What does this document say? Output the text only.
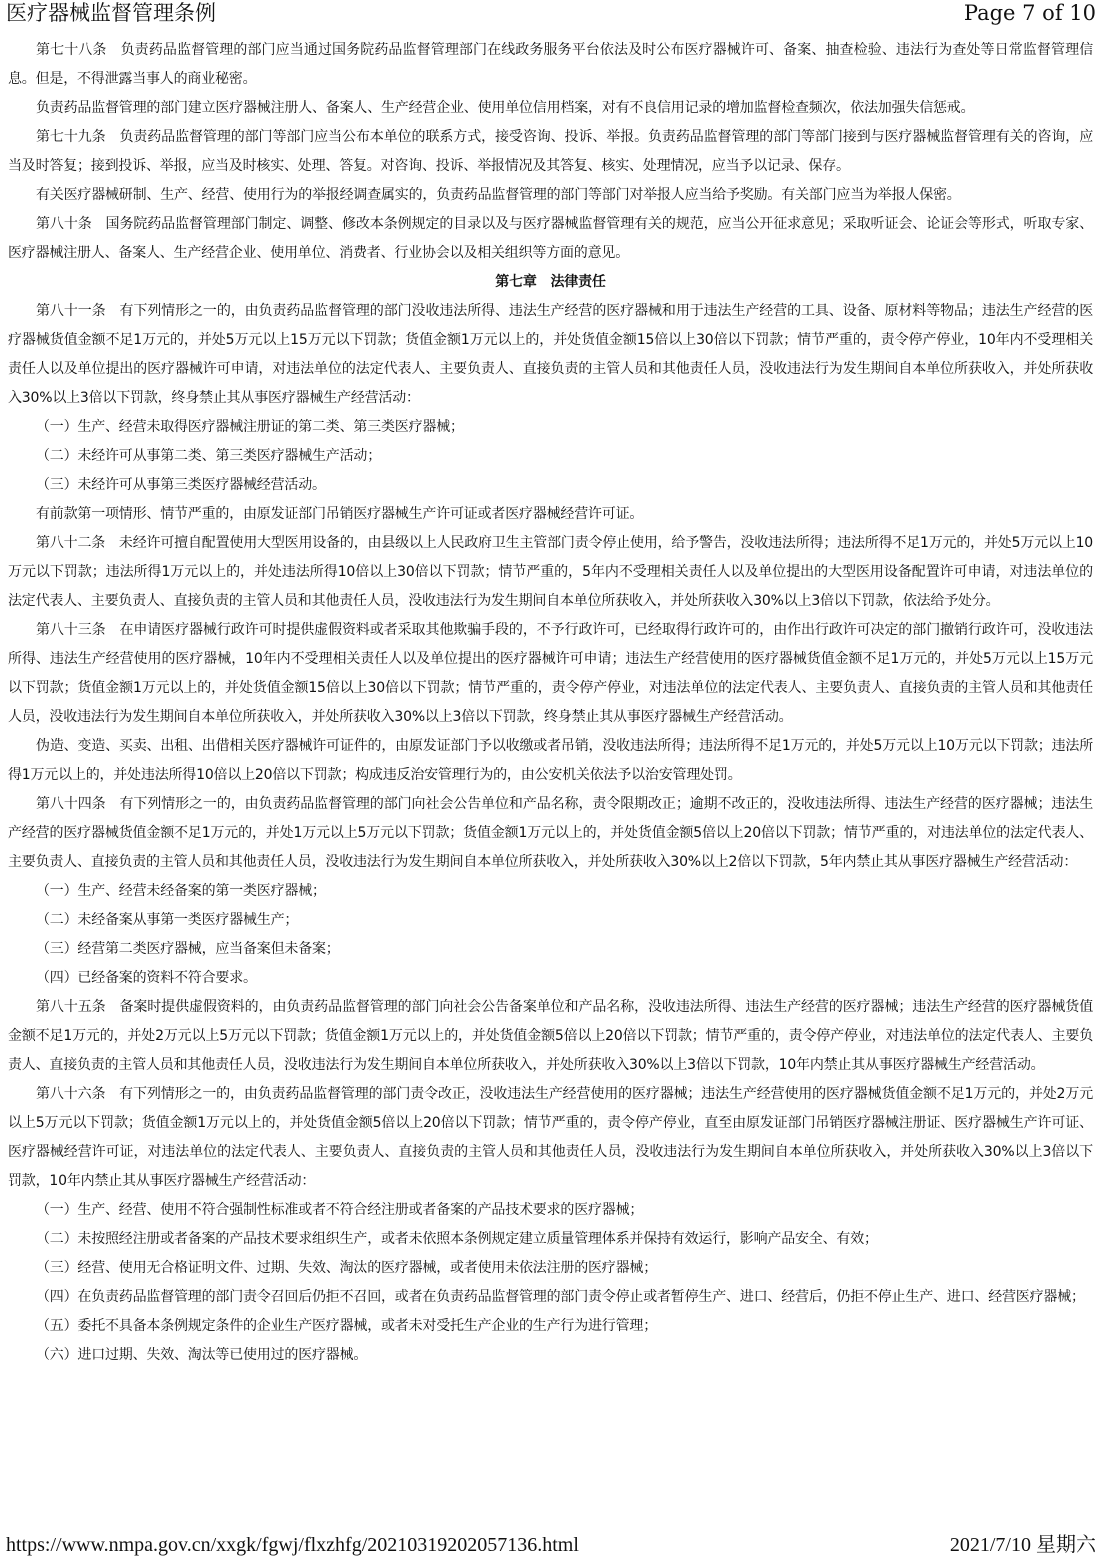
医疗器械监督管理条例	Page 7 of 10

第七十八条　负责药品监督管理的部门应当通过国务院药品监督管理部门在线政务服务平台依法及时公布医疗器械许可、备案、抽查检验、违法行为查处等日常监督管理信息。但是，不得泄露当事人的商业秘密。

负责药品监督管理的部门建立医疗器械注册人、备案人、生产经营企业、使用单位信用档案，对有不良信用记录的增加监督检查频次，依法加强失信惩戒。

第七十九条　负责药品监督管理的部门等部门应当公布本单位的联系方式，接受咨询、投诉、举报。负责药品监督管理的部门等部门接到与医疗器械监督管理有关的咨询，应当及时答复；接到投诉、举报，应当及时核实、处理、答复。对咨询、投诉、举报情况及其答复、核实、处理情况，应当予以记录、保存。

有关医疗器械研制、生产、经营、使用行为的举报经调查属实的，负责药品监督管理的部门等部门对举报人应当给予奖励。有关部门应当为举报人保密。

第八十条　国务院药品监督管理部门制定、调整、修改本条例规定的目录以及与医疗器械监督管理有关的规范，应当公开征求意见；采取听证会、论证会等形式，听取专家、医疗器械注册人、备案人、生产经营企业、使用单位、消费者、行业协会以及相关组织等方面的意见。

第七章　法律责任

第八十一条　有下列情形之一的，由负责药品监督管理的部门没收违法所得、违法生产经营的医疗器械和用于违法生产经营的工具、设备、原材料等物品；违法生产经营的医疗器械货值金额不足1万元的，并处5万元以上15万元以下罚款；货值金额1万元以上的，并处货值金额15倍以上30倍以下罚款；情节严重的，责令停产停业，10年内不受理相关责任人以及单位提出的医疗器械许可申请，对违法单位的法定代表人、主要负责人、直接负责的主管人员和其他责任人员，没收违法行为发生期间自本单位所获收入，并处所获收入30%以上3倍以下罚款，终身禁止其从事医疗器械生产经营活动：

（一）生产、经营未取得医疗器械注册证的第二类、第三类医疗器械；

（二）未经许可从事第二类、第三类医疗器械生产活动；

（三）未经许可从事第三类医疗器械经营活动。

有前款第一项情形、情节严重的，由原发证部门吊销医疗器械生产许可证或者医疗器械经营许可证。

第八十二条　未经许可擅自配置使用大型医用设备的，由县级以上人民政府卫生主管部门责令停止使用，给予警告，没收违法所得；违法所得不足1万元的，并处5万元以上10万元以下罚款；违法所得1万元以上的，并处违法所得10倍以上30倍以下罚款；情节严重的，5年内不受理相关责任人以及单位提出的大型医用设备配置许可申请，对违法单位的法定代表人、主要负责人、直接负责的主管人员和其他责任人员，没收违法行为发生期间自本单位所获收入，并处所获收入30%以上3倍以下罚款，依法给予处分。

第八十三条　在申请医疗器械行政许可时提供虚假资料或者采取其他欺骗手段的，不予行政许可，已经取得行政许可的，由作出行政许可决定的部门撤销行政许可，没收违法所得、违法生产经营使用的医疗器械，10年内不受理相关责任人以及单位提出的医疗器械许可申请；违法生产经营使用的医疗器械货值金额不足1万元的，并处5万元以上15万元以下罚款；货值金额1万元以上的，并处货值金额15倍以上30倍以下罚款；情节严重的，责令停产停业，对违法单位的法定代表人、主要负责人、直接负责的主管人员和其他责任人员，没收违法行为发生期间自本单位所获收入，并处所获收入30%以上3倍以下罚款，终身禁止其从事医疗器械生产经营活动。

伪造、变造、买卖、出租、出借相关医疗器械许可证件的，由原发证部门予以收缴或者吊销，没收违法所得；违法所得不足1万元的，并处5万元以上10万元以下罚款；违法所得1万元以上的，并处违法所得10倍以上20倍以下罚款；构成违反治安管理行为的，由公安机关依法予以治安管理处罚。

第八十四条　有下列情形之一的，由负责药品监督管理的部门向社会公告单位和产品名称，责令限期改正；逾期不改正的，没收违法所得、违法生产经营的医疗器械；违法生产经营的医疗器械货值金额不足1万元的，并处1万元以上5万元以下罚款；货值金额1万元以上的，并处货值金额5倍以上20倍以下罚款；情节严重的，对违法单位的法定代表人、主要负责人、直接负责的主管人员和其他责任人员，没收违法行为发生期间自本单位所获收入，并处所获收入30%以上2倍以下罚款，5年内禁止其从事医疗器械生产经营活动：

（一）生产、经营未经备案的第一类医疗器械；

（二）未经备案从事第一类医疗器械生产；

（三）经营第二类医疗器械，应当备案但未备案；

（四）已经备案的资料不符合要求。

第八十五条　备案时提供虚假资料的，由负责药品监督管理的部门向社会公告备案单位和产品名称，没收违法所得、违法生产经营的医疗器械；违法生产经营的医疗器械货值金额不足1万元的，并处2万元以上5万元以下罚款；货值金额1万元以上的，并处货值金额5倍以上20倍以下罚款；情节严重的，责令停产停业，对违法单位的法定代表人、主要负责人、直接负责的主管人员和其他责任人员，没收违法行为发生期间自本单位所获收入，并处所获收入30%以上3倍以下罚款，10年内禁止其从事医疗器械生产经营活动。

第八十六条　有下列情形之一的，由负责药品监督管理的部门责令改正，没收违法生产经营使用的医疗器械；违法生产经营使用的医疗器械货值金额不足1万元的，并处2万元以上5万元以下罚款；货值金额1万元以上的，并处货值金额5倍以上20倍以下罚款；情节严重的，责令停产停业，直至由原发证部门吊销医疗器械注册证、医疗器械生产许可证、医疗器械经营许可证，对违法单位的法定代表人、主要负责人、直接负责的主管人员和其他责任人员，没收违法行为发生期间自本单位所获收入，并处所获收入30%以上3倍以下罚款，10年内禁止其从事医疗器械生产经营活动：

（一）生产、经营、使用不符合强制性标准或者不符合经注册或者备案的产品技术要求的医疗器械；

（二）未按照经注册或者备案的产品技术要求组织生产，或者未依照本条例规定建立质量管理体系并保持有效运行，影响产品安全、有效；

（三）经营、使用无合格证明文件、过期、失效、淘汰的医疗器械，或者使用未依法注册的医疗器械；

（四）在负责药品监督管理的部门责令召回后仍拒不召回，或者在负责药品监督管理的部门责令停止或者暂停生产、进口、经营后，仍拒不停止生产、进口、经营医疗器械；

（五）委托不具备本条例规定条件的企业生产医疗器械，或者未对受托生产企业的生产行为进行管理；

（六）进口过期、失效、淘汰等已使用过的医疗器械。

https://www.nmpa.gov.cn/xxgk/fgwj/flxzhfg/20210319202057136.html	2021/7/10 星期六
